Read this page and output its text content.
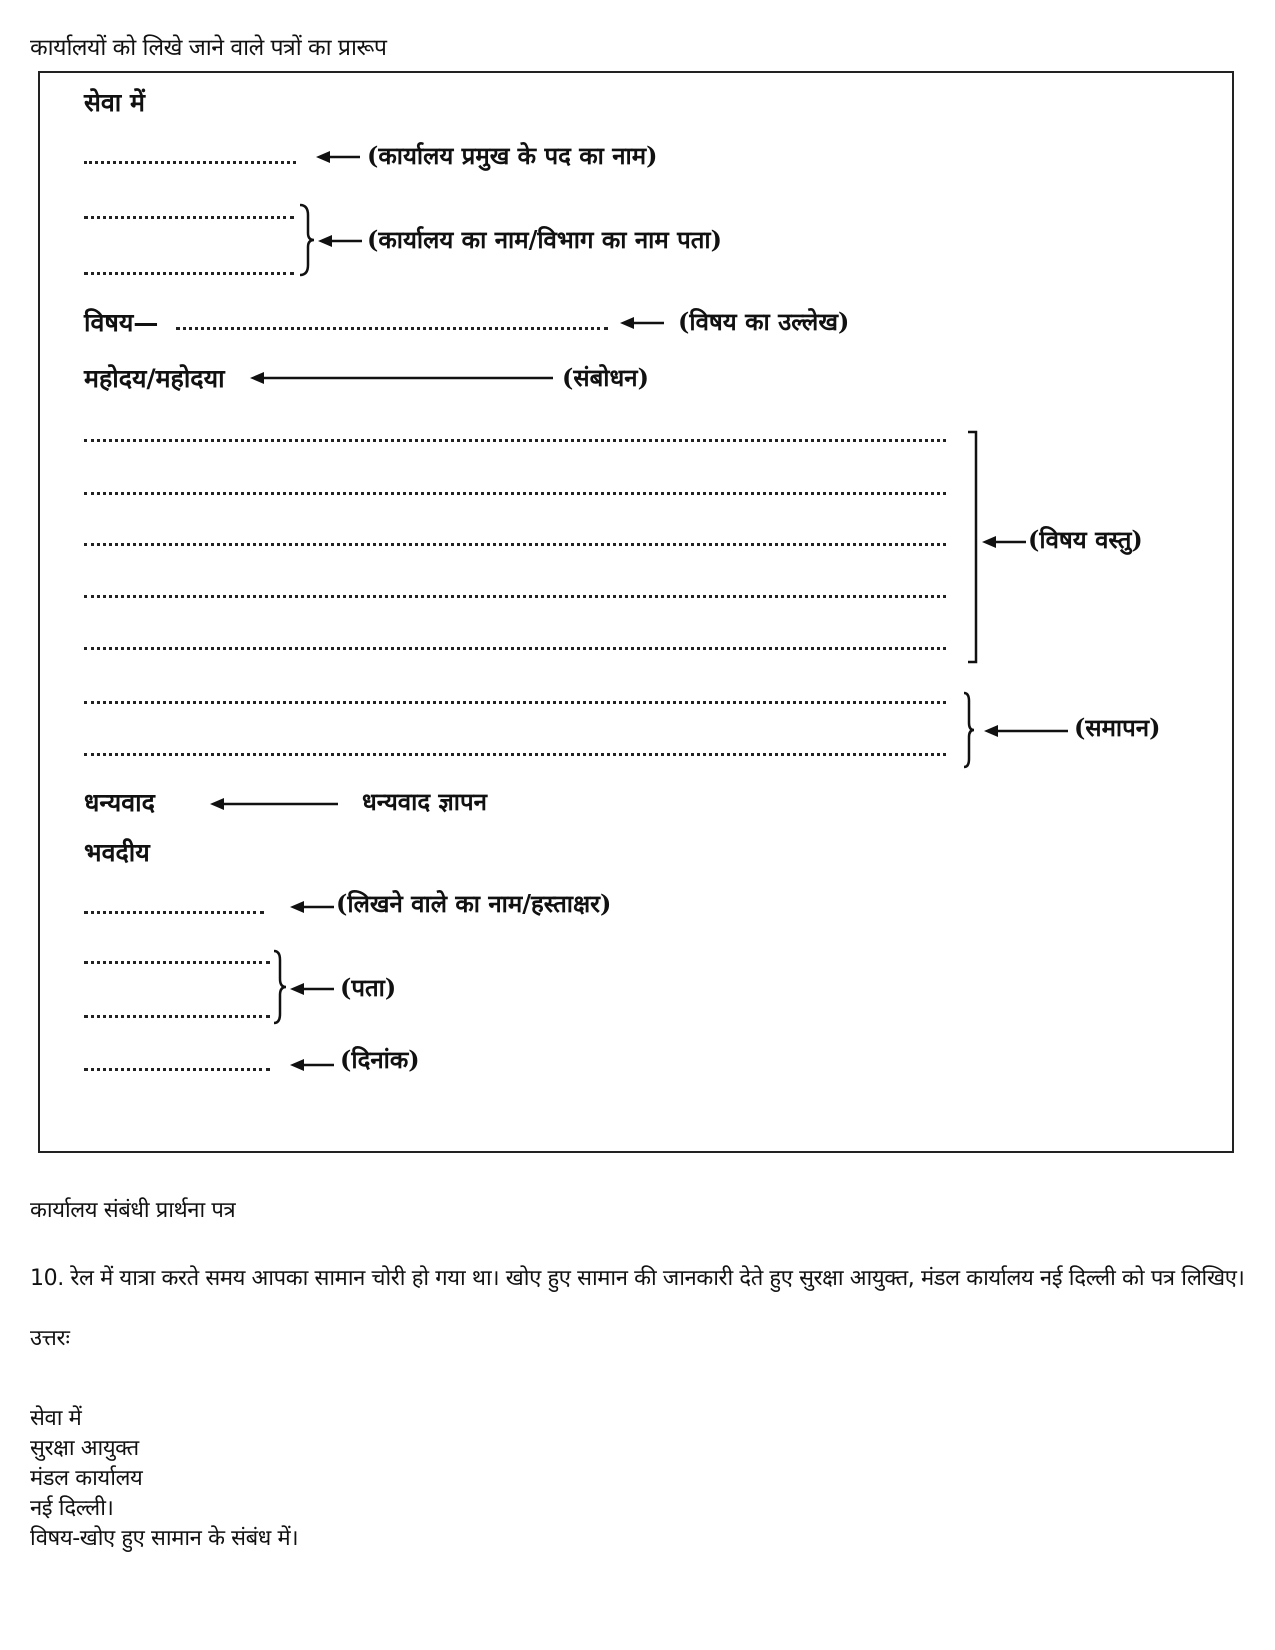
कार्यालयों को लिखे जाने वाले पत्रों का प्रारूप
सेवा में
(कार्यालय प्रमुख के पद का नाम)
(कार्यालय का नाम/विभाग का नाम पता)
विषय—	(विषय का उल्लेख)
महोदय/महोदया	(संबोधन)
(विषय वस्तु)
(समापन)
धन्यवाद	धन्यवाद ज्ञापन
भवदीय
(लिखने वाले का नाम/हस्ताक्षर)
(पता)
(दिनांक)
कार्यालय संबंधी प्रार्थना पत्र
10. रेल में यात्रा करते समय आपका सामान चोरी हो गया था। खोए हुए सामान की जानकारी देते हुए सुरक्षा आयुक्त, मंडल कार्यालय नई दिल्ली को पत्र लिखिए।
उत्तरः

सेवा में

सुरक्षा आयुक्त

मंडल कार्यालय

नई दिल्ली।

विषय-खोए हुए सामान के संबंध में।
